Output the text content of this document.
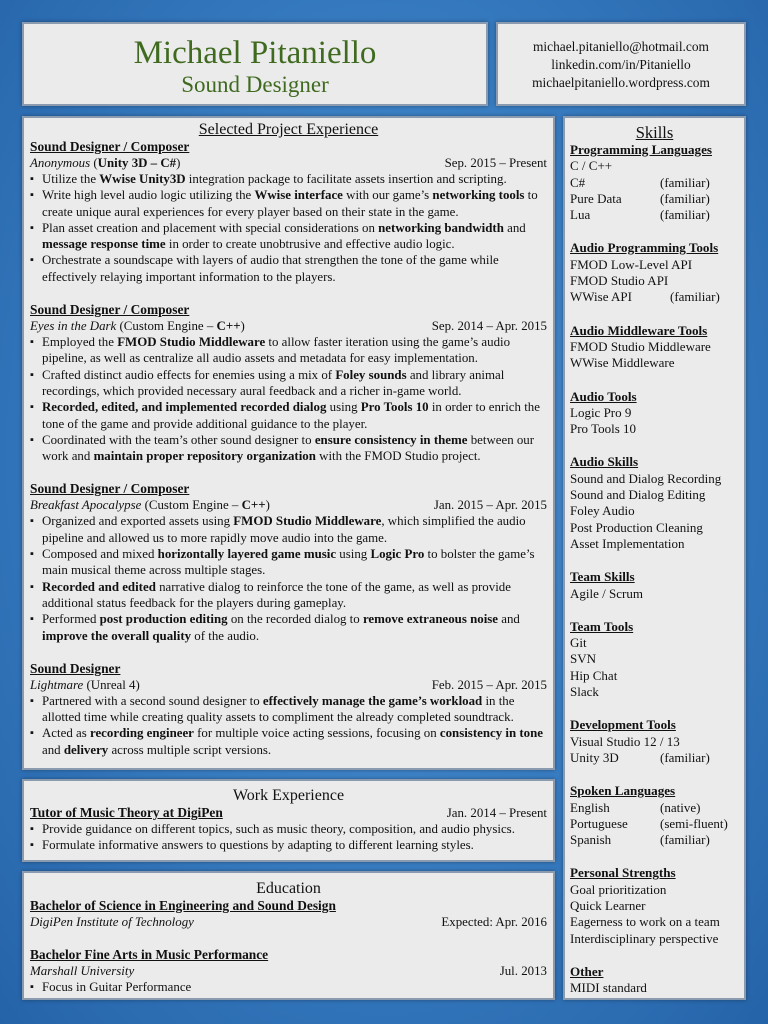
Michael Pitaniello
Sound Designer
michael.pitaniello@hotmail.com
linkedin.com/in/Pitaniello
michaelpitaniello.wordpress.com
Selected Project Experience
Sound Designer / Composer
Anonymous (Unity 3D – C#)	Sep. 2015 – Present
▪ Utilize the Wwise Unity3D integration package to facilitate assets insertion and scripting.
▪ Write high level audio logic utilizing the Wwise interface with our game’s networking tools to create unique aural experiences for every player based on their state in the game.
▪ Plan asset creation and placement with special considerations on networking bandwidth and message response time in order to create unobtrusive and effective audio logic.
▪ Orchestrate a soundscape with layers of audio that strengthen the tone of the game while effectively relaying important information to the players.
Sound Designer / Composer
Eyes in the Dark (Custom Engine – C++)	Sep. 2014 – Apr. 2015
▪ Employed the FMOD Studio Middleware to allow faster iteration using the game’s audio pipeline, as well as centralize all audio assets and metadata for easy implementation.
▪ Crafted distinct audio effects for enemies using a mix of Foley sounds and library animal recordings, which provided necessary aural feedback and a richer in-game world.
▪ Recorded, edited, and implemented recorded dialog using Pro Tools 10 in order to enrich the tone of the game and provide additional guidance to the player.
▪ Coordinated with the team’s other sound designer to ensure consistency in theme between our work and maintain proper repository organization with the FMOD Studio project.
Sound Designer / Composer
Breakfast Apocalypse (Custom Engine – C++)	Jan. 2015 – Apr. 2015
▪ Organized and exported assets using FMOD Studio Middleware, which simplified the audio pipeline and allowed us to more rapidly move audio into the game.
▪ Composed and mixed horizontally layered game music using Logic Pro to bolster the game’s main musical theme across multiple stages.
▪ Recorded and edited narrative dialog to reinforce the tone of the game, as well as provide additional status feedback for the players during gameplay.
▪ Performed post production editing on the recorded dialog to remove extraneous noise and improve the overall quality of the audio.
Sound Designer
Lightmare (Unreal 4)	Feb. 2015 – Apr. 2015
▪ Partnered with a second sound designer to effectively manage the game’s workload in the allotted time while creating quality assets to compliment the already completed soundtrack.
▪ Acted as recording engineer for multiple voice acting sessions, focusing on consistency in tone and delivery across multiple script versions.
Work Experience
Tutor of Music Theory at DigiPen	Jan. 2014 – Present
▪ Provide guidance on different topics, such as music theory, composition, and audio physics.
▪ Formulate informative answers to questions by adapting to different learning styles.
Education
Bachelor of Science in Engineering and Sound Design
DigiPen Institute of Technology	Expected: Apr. 2016
Bachelor Fine Arts in Music Performance
Marshall University	Jul. 2013
▪ Focus in Guitar Performance
Skills
Programming Languages
C / C++
C#	(familiar)
Pure Data	(familiar)
Lua	(familiar)
Audio Programming Tools
FMOD Low-Level API
FMOD Studio API
WWise API	(familiar)
Audio Middleware Tools
FMOD Studio Middleware
WWise Middleware
Audio Tools
Logic Pro 9
Pro Tools 10
Audio Skills
Sound and Dialog Recording
Sound and Dialog Editing
Foley Audio
Post Production Cleaning
Asset Implementation
Team Skills
Agile / Scrum
Team Tools
Git
SVN
Hip Chat
Slack
Development Tools
Visual Studio 12 / 13
Unity 3D	(familiar)
Spoken Languages
English	(native)
Portuguese	(semi-fluent)
Spanish	(familiar)
Personal Strengths
Goal prioritization
Quick Learner
Eagerness to work on a team
Interdisciplinary perspective
Other
MIDI standard
